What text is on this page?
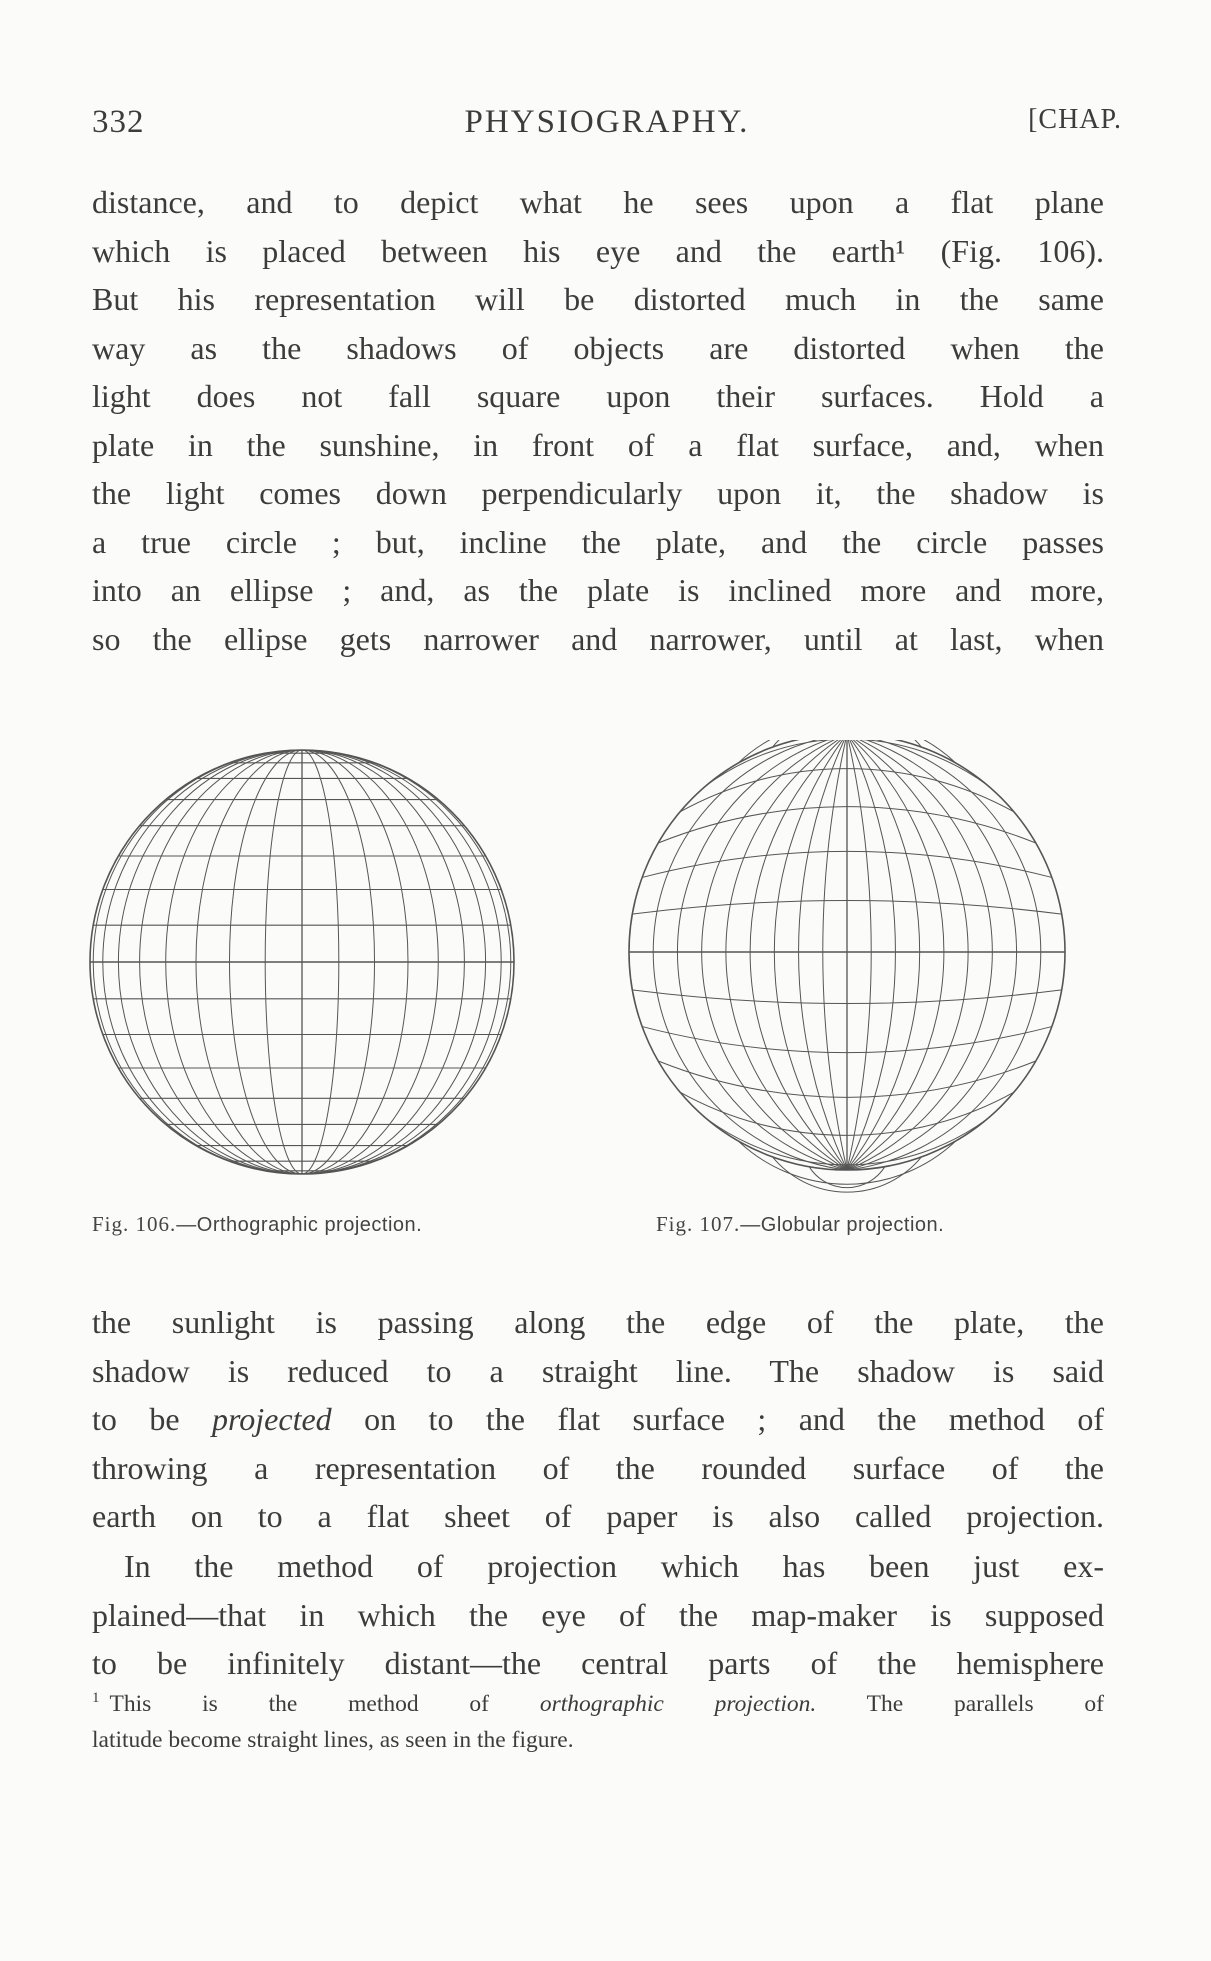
332	PHYSIOGRAPHY.	[CHAP.
distance, and to depict what he sees upon a flat plane
which is placed between his eye and the earth¹ (Fig. 106).
But his representation will be distorted much in the same
way as the shadows of objects are distorted when the
light does not fall square upon their surfaces. Hold a
plate in the sunshine, in front of a flat surface, and, when
the light comes down perpendicularly upon it, the shadow is
a true circle ; but, incline the plate, and the circle passes
into an ellipse ; and, as the plate is inclined more and more,
so the ellipse gets narrower and narrower, until at last, when
Fig. 106.—Orthographic projection.	Fig. 107.—Globular projection.
the sunlight is passing along the edge of the plate, the
shadow is reduced to a straight line. The shadow is said
to be projected on to the flat surface ; and the method of
throwing a representation of the rounded surface of the
earth on to a flat sheet of paper is also called projection.
In the method of projection which has been just ex-
plained—that in which the eye of the map-maker is supposed
to be infinitely distant—the central parts of the hemisphere
$^1$ This is the method of orthographic projection. The parallels of
latitude become straight lines, as seen in the figure.
